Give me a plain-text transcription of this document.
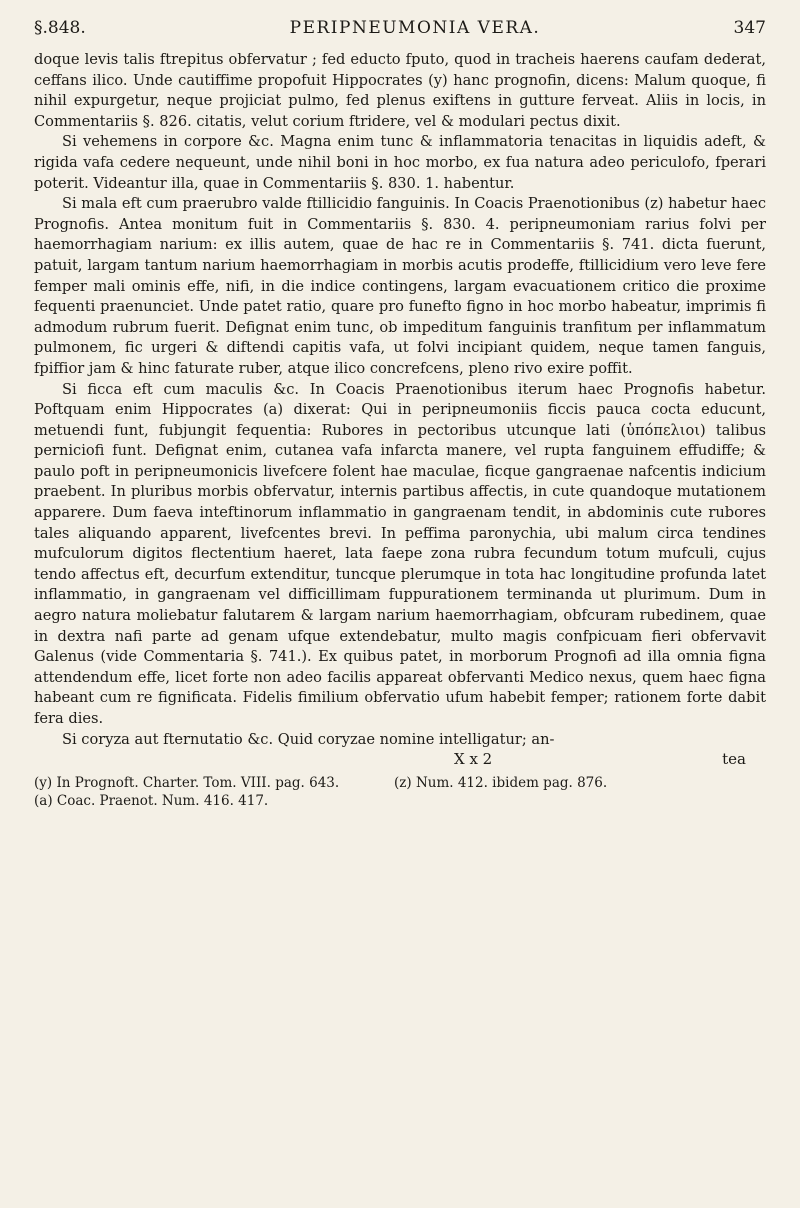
§.848.	PERIPNEUMONIA VERA.	347

doque levis talis ftrepitus obfervatur ; fed educto fputo, quod in tracheis haerens caufam dederat, ceffans ilico. Unde cautiffime propofuit Hippocrates (y) hanc prognofin, dicens: Malum quoque, fi nihil expurgetur, neque projiciat pulmo, fed plenus exiftens in gutture ferveat. Aliis in locis, in Commentariis §. 826. citatis, velut corium ftridere, vel & modulari pectus dixit.

Si vehemens in corpore &c. Magna enim tunc & inflammatoria tenacitas in liquidis adeft, & rigida vafa cedere nequeunt, unde nihil boni in hoc morbo, ex fua natura adeo periculofo, fperari poterit. Videantur illa, quae in Commentariis §. 830. 1. habentur.

Si mala eft cum praerubro valde ftillicidio fanguinis. In Coacis Praenotionibus (z) habetur haec Prognofis. Antea monitum fuit in Commentariis §. 830. 4. peripneumoniam rarius folvi per haemorrhagiam narium: ex illis autem, quae de hac re in Commentariis §. 741. dicta fuerunt, patuit, largam tantum narium haemorrhagiam in morbis acutis prodeffe, ftillicidium vero leve fere femper mali ominis effe, nifi, in die indice contingens, largam evacuationem critico die proxime fequenti praenunciet. Unde patet ratio, quare pro funefto figno in hoc morbo habeatur, imprimis fi admodum rubrum fuerit. Defignat enim tunc, ob impeditum fanguinis tranfitum per inflammatum pulmonem, fic urgeri & diftendi capitis vafa, ut folvi incipiant quidem, neque tamen fanguis, fpiffior jam & hinc faturate ruber, atque ilico concrefcens, pleno rivo exire poffit.

Si ficca eft cum maculis &c. In Coacis Praenotionibus iterum haec Prognofis habetur. Poftquam enim Hippocrates (a) dixerat: Qui in peripneumoniis ficcis pauca cocta educunt, metuendi funt, fubjungit fequentia: Rubores in pectoribus utcunque lati (ὑπόπελιοι) talibus perniciofi funt. Defignat enim, cutanea vafa infarcta manere, vel rupta fanguinem effudiffe; & paulo poft in peripneumonicis livefcere folent hae maculae, ficque gangraenae nafcentis indicium praebent. In pluribus morbis obfervatur, internis partibus affectis, in cute quandoque mutationem apparere. Dum faeva inteftinorum inflammatio in gangraenam tendit, in abdominis cute rubores tales aliquando apparent, livefcentes brevi. In peffima paronychia, ubi malum circa tendines mufculorum digitos flectentium haeret, lata faepe zona rubra fecundum totum mufculi, cujus tendo affectus eft, decurfum extenditur, tuncque plerumque in tota hac longitudine profunda latet inflammatio, in gangraenam vel difficillimam fuppurationem terminanda ut plurimum. Dum in aegro natura moliebatur falutarem & largam narium haemorrhagiam, obfcuram rubedinem, quae in dextra nafi parte ad genam ufque extendebatur, multo magis confpicuam fieri obfervavit Galenus (vide Commentaria §. 741.). Ex quibus patet, in morborum Prognofi ad illa omnia figna attendendum effe, licet forte non adeo facilis appareat obfervanti Medico nexus, quem haec figna habeant cum re fignificata. Fidelis fimilium obfervatio ufum habebit femper; rationem forte dabit fera dies.

Si coryza aut fternutatio &c. Quid coryzae nomine intelligatur; an-

X x 2	tea
(y) In Prognoft. Charter. Tom. VIII. pag. 643.	(z) Num. 412. ibidem pag. 876.
(a) Coac. Praenot. Num. 416. 417.
